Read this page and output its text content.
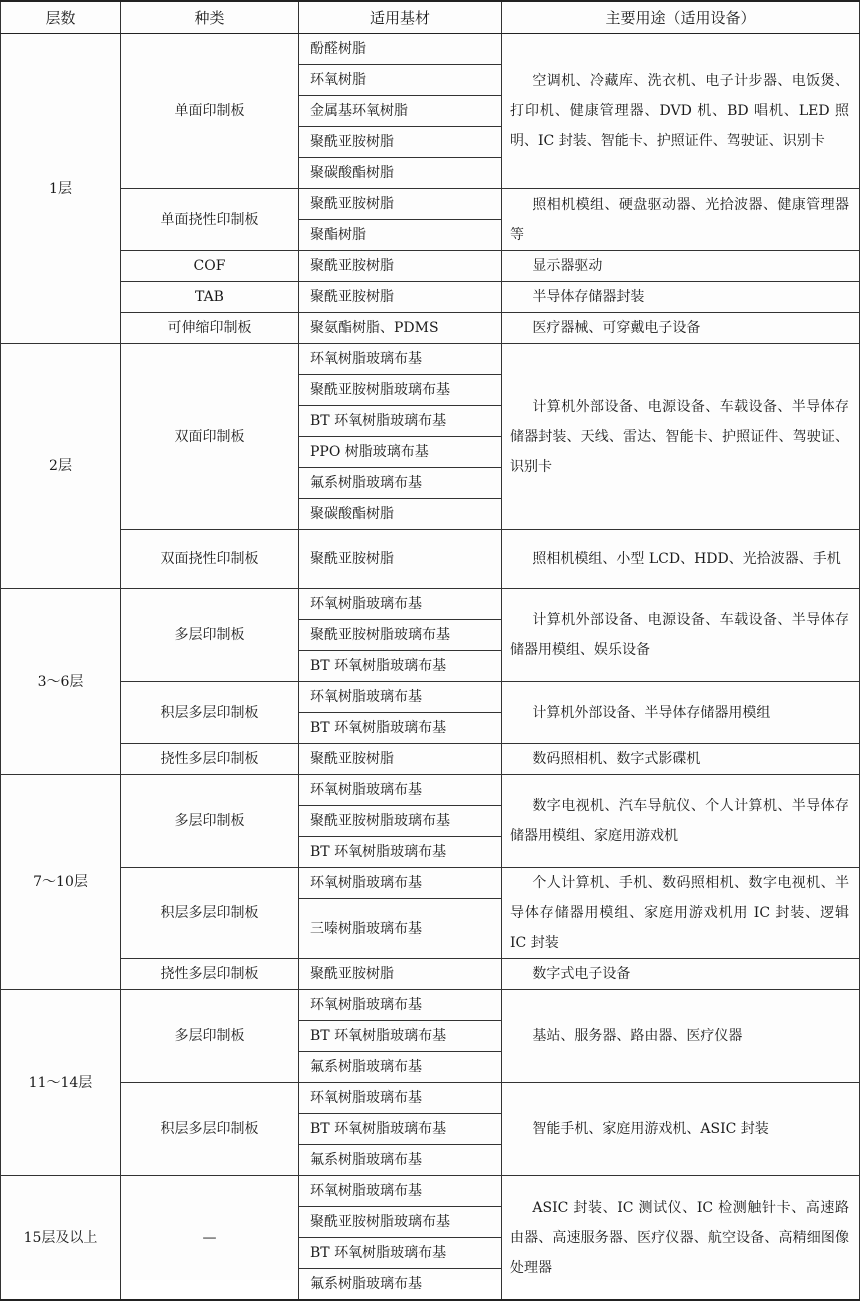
层数	种类	适用基材	主要用途（适用设备）
1层	单面印制板	酚醛树脂	空调机、冷藏库、洗衣机、电子计步器、电饭煲、打印机、健康管理器、DVD 机、BD 唱机、LED 照明、IC 封装、智能卡、护照证件、驾驶证、识别卡

		环氧树脂	
		金属基环氧树脂	
		聚酰亚胺树脂	
		聚碳酸酯树脂	
	单面挠性印制板	聚酰亚胺树脂	照相机模组、硬盘驱动器、光拾波器、健康管理器等

		聚酯树脂	
	COF	聚酰亚胺树脂	显示器驱动

	TAB	聚酰亚胺树脂	半导体存储器封装

	可伸缩印制板	聚氨酯树脂、PDMS	医疗器械、可穿戴电子设备

2层	双面印制板	环氧树脂玻璃布基	计算机外部设备、电源设备、车载设备、半导体存储器封装、天线、雷达、智能卡、护照证件、驾驶证、识别卡

		聚酰亚胺树脂玻璃布基	
		BT 环氧树脂玻璃布基	
		PPO 树脂玻璃布基	
		氟系树脂玻璃布基	
		聚碳酸酯树脂	
	双面挠性印制板	聚酰亚胺树脂	照相机模组、小型 LCD、HDD、光拾波器、手机

3～6层	多层印制板	环氧树脂玻璃布基	计算机外部设备、电源设备、车载设备、半导体存储器用模组、娱乐设备

		聚酰亚胺树脂玻璃布基	
		BT 环氧树脂玻璃布基	
	积层多层印制板	环氧树脂玻璃布基	计算机外部设备、半导体存储器用模组

		BT 环氧树脂玻璃布基	
	挠性多层印制板	聚酰亚胺树脂	数码照相机、数字式影碟机

7～10层	多层印制板	环氧树脂玻璃布基	数字电视机、汽车导航仪、个人计算机、半导体存储器用模组、家庭用游戏机

		聚酰亚胺树脂玻璃布基	
		BT 环氧树脂玻璃布基	
	积层多层印制板	环氧树脂玻璃布基	个人计算机、手机、数码照相机、数字电视机、半导体存储器用模组、家庭用游戏机用 IC 封装、逻辑 IC 封装

		三嗪树脂玻璃布基	
	挠性多层印制板	聚酰亚胺树脂	数字式电子设备

11～14层	多层印制板	环氧树脂玻璃布基	基站、服务器、路由器、医疗仪器

		BT 环氧树脂玻璃布基	
		氟系树脂玻璃布基	
	积层多层印制板	环氧树脂玻璃布基	智能手机、家庭用游戏机、ASIC 封装

		BT 环氧树脂玻璃布基	
		氟系树脂玻璃布基	
15层及以上	—	环氧树脂玻璃布基	ASIC 封装、IC 测试仪、IC 检测触针卡、高速路由器、高速服务器、医疗仪器、航空设备、高精细图像处理器

		聚酰亚胺树脂玻璃布基	
		BT 环氧树脂玻璃布基	
		氟系树脂玻璃布基	
